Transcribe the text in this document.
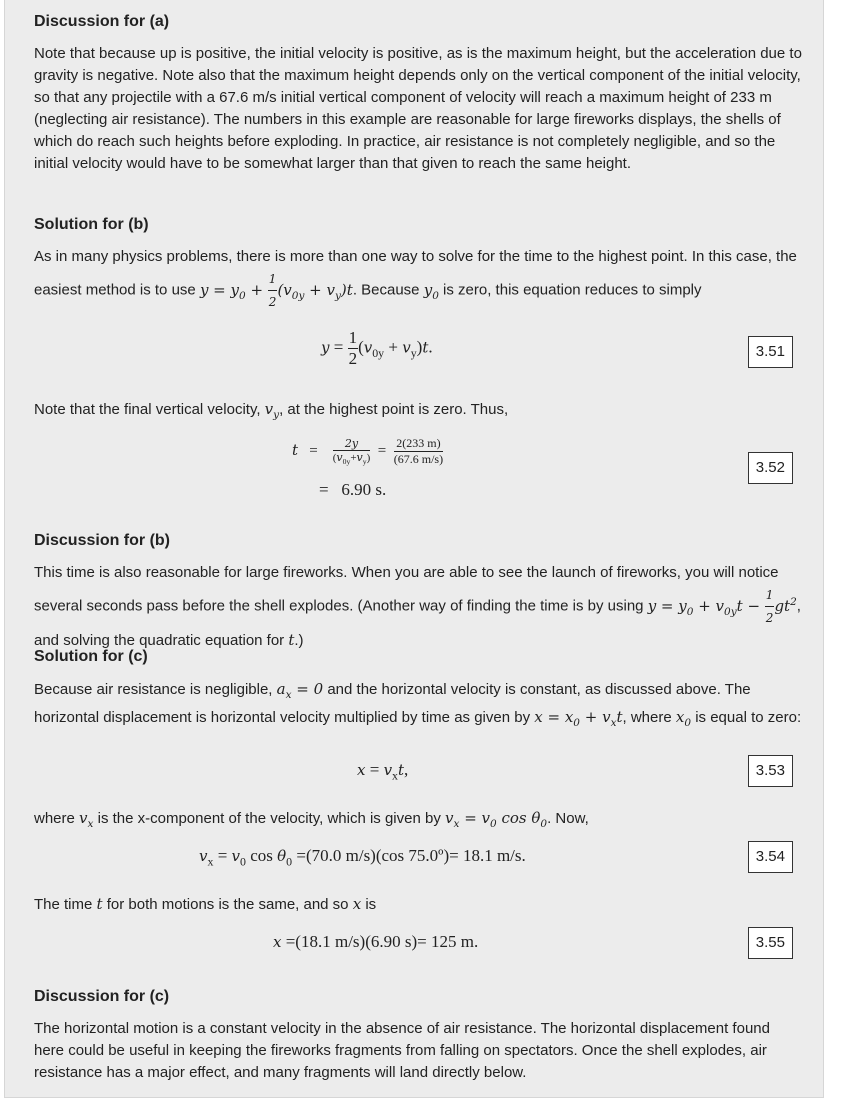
Discussion for (a)
Note that because up is positive, the initial velocity is positive, as is the maximum height, but the acceleration due to gravity is negative. Note also that the maximum height depends only on the vertical component of the initial velocity, so that any projectile with a 67.6 m/s initial vertical component of velocity will reach a maximum height of 233 m (neglecting air resistance). The numbers in this example are reasonable for large fireworks displays, the shells of which do reach such heights before exploding. In practice, air resistance is not completely negligible, and so the initial velocity would have to be somewhat larger than that given to reach the same height.
Solution for (b)
As in many physics problems, there is more than one way to solve for the time to the highest point. In this case, the easiest method is to use $y = y_0 + \frac{1}{2} (v_{0y} + v_y)t$. Because $y_0$ is zero, this equation reduces to simply
$y = \frac{1}{2} (v_{0y} + v_y)t$.	3.51
Note that the final vertical velocity, $v_y$, at the highest point is zero. Thus,
$t = \frac{2y}{(v_{0y}+v_y)} = \frac{2(233 m)}{(67.6 m/s)}$
=   6.90 s.
3.52
Discussion for (b)
This time is also reasonable for large fireworks. When you are able to see the launch of fireworks, you will notice several seconds pass before the shell explodes. (Another way of finding the time is by using $y = y_0 + v_{0y}t - \frac{1}{2} gt^2$, and solving the quadratic equation for t.)
Solution for (c)
Because air resistance is negligible, $a_x = 0$ and the horizontal velocity is constant, as discussed above. The horizontal displacement is horizontal velocity multiplied by time as given by $x = x_0 + v_xt$, where $x_0$ is equal to zero:
$x = v_xt$,	3.53
where $v_x$ is the x-component of the velocity, which is given by $v_x = v_0$ $\cos \theta_0$. Now,
$v_x = v_0$ $\cos \theta_0 =(70.0$ m/s)(cos 75.0º)= 18.1 m/s.	3.54
The time t for both motions is the same, and so x is
x =(18.1 m/s)(6.90 s)= 125 m.	3.55
Discussion for (c)
The horizontal motion is a constant velocity in the absence of air resistance. The horizontal displacement found here could be useful in keeping the fireworks fragments from falling on spectators. Once the shell explodes, air resistance has a major effect, and many fragments will land directly below.
